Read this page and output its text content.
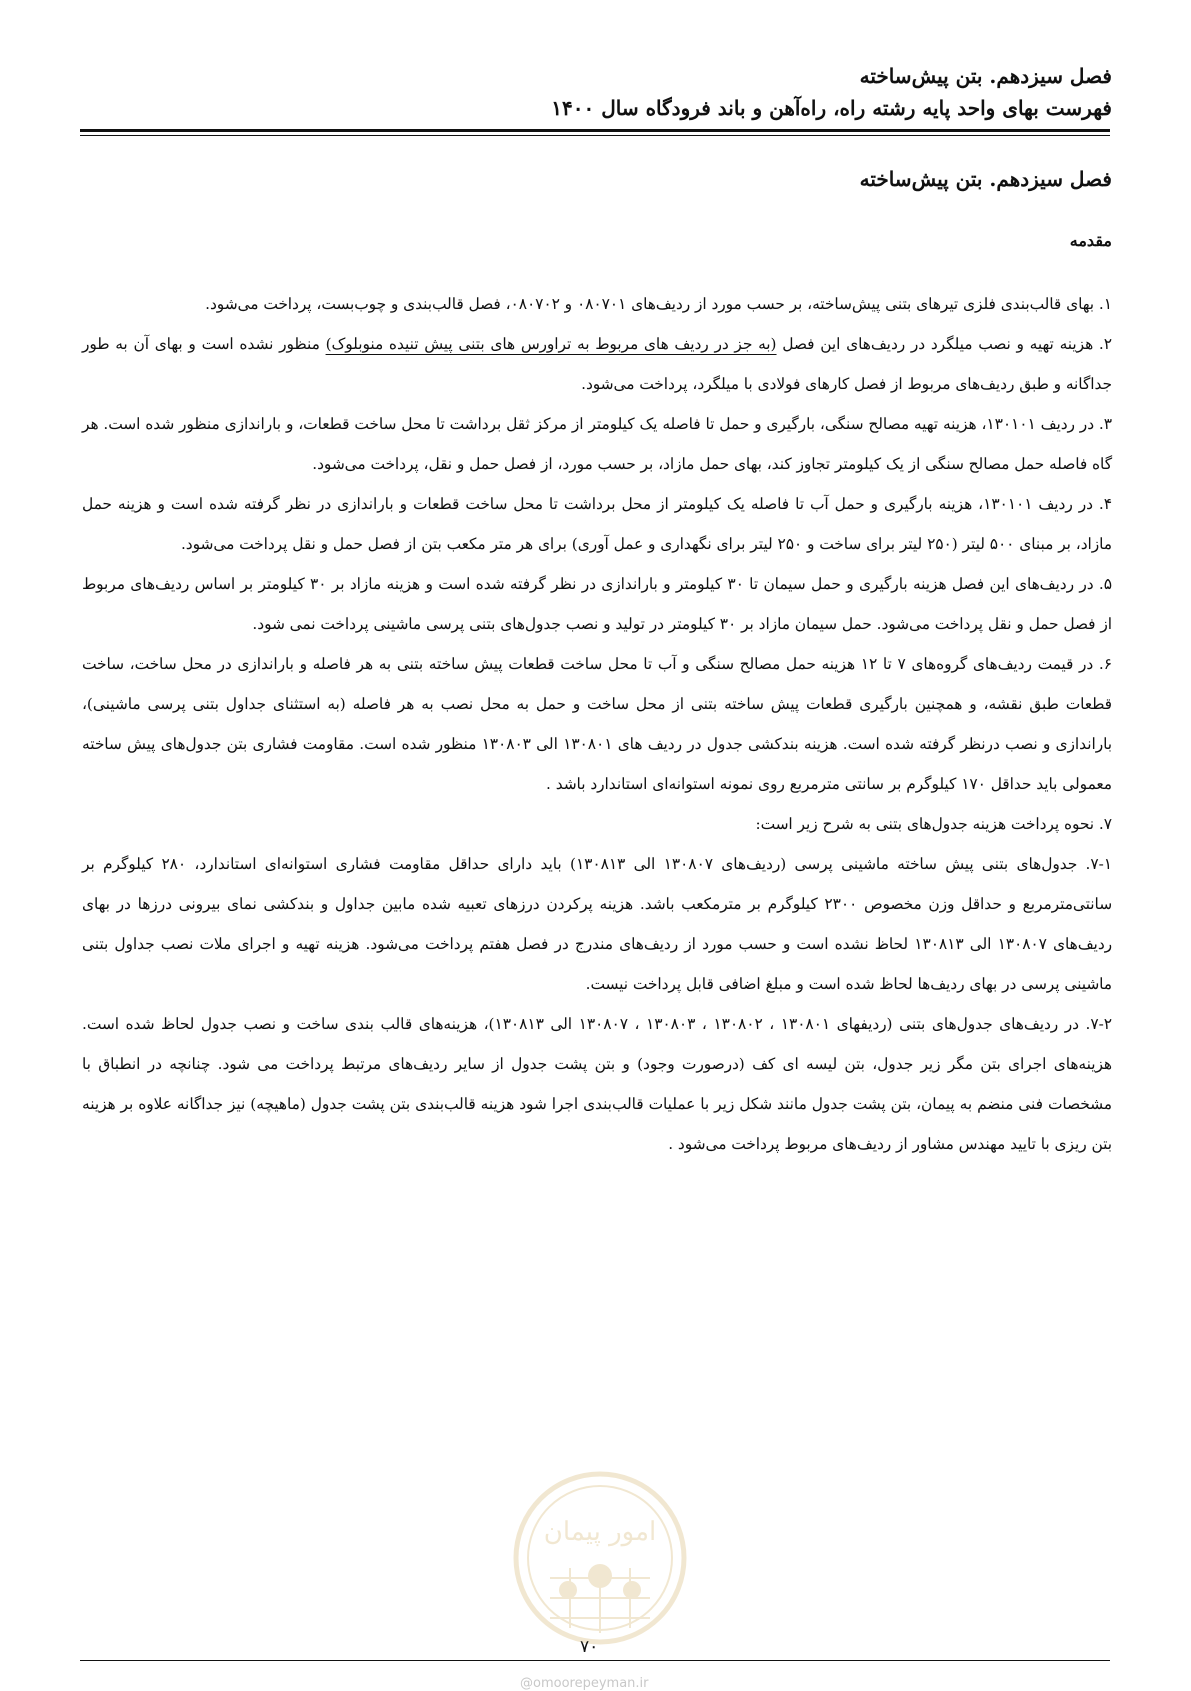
فصل سیزدهم. بتن پیش‌ساخته
فهرست بهای واحد پایه رشته راه، راه‌آهن و باند فرودگاه سال ۱۴۰۰
فصل سیزدهم. بتن پیش‌ساخته
مقدمه

۱. بهای قالب‌بندی فلزی تیرهای بتنی پیش‌ساخته، بر حسب مورد از ردیف‌های ۰۸۰۷۰۱ و ۰۸۰۷۰۲، فصل قالب‌بندی و چوب‌بست، پرداخت می‌شود.

۲. هزینه تهیه و نصب میلگرد در ردیف‌های این فصل (به جز در ردیف های مربوط به تراورس های بتنی پیش تنیده منوبلوک) منظور نشده است و بهای آن به طور جداگانه و طبق ردیف‌های مربوط از فصل کارهای فولادی با میلگرد، پرداخت می‌شود.

۳. در ردیف ۱۳۰۱۰۱، هزینه تهیه مصالح سنگی، بارگیری و حمل تا فاصله یک کیلومتر از مرکز ثقل برداشت تا محل ساخت قطعات، و باراندازی منظور شده است. هر گاه فاصله حمل مصالح سنگی از یک کیلومتر تجاوز کند، بهای حمل مازاد، بر حسب مورد، از فصل حمل و نقل، پرداخت می‌شود.

۴. در ردیف ۱۳۰۱۰۱، هزینه بارگیری و حمل آب تا فاصله یک کیلومتر از محل برداشت تا محل ساخت قطعات و باراندازی در نظر گرفته شده است و هزینه حمل مازاد، بر مبنای ۵۰۰ لیتر (۲۵۰ لیتر برای ساخت و ۲۵۰ لیتر برای نگهداری و عمل آوری) برای هر متر مکعب بتن از فصل حمل و نقل پرداخت می‌شود.

۵. در ردیف‌های این فصل هزینه بارگیری و حمل سیمان تا ۳۰ کیلومتر و باراندازی در نظر گرفته شده است و هزینه مازاد بر ۳۰ کیلومتر بر اساس ردیف‌های مربوط از فصل حمل و نقل پرداخت می‌شود. حمل سیمان مازاد بر ۳۰ کیلومتر در تولید و نصب جدول‌های بتنی پرسی ماشینی پرداخت نمی شود.

۶. در قیمت ردیف‌های گروه‌های ۷ تا ۱۲ هزینه حمل مصالح سنگی و آب تا محل ساخت قطعات پیش ساخته بتنی به هر فاصله و باراندازی در محل ساخت، ساخت قطعات طبق نقشه، و همچنین بارگیری قطعات پیش ساخته بتنی از محل ساخت و حمل به محل نصب به هر فاصله (به استثنای جداول بتنی پرسی ماشینی)، باراندازی و نصب درنظر گرفته شده است. هزینه بندکشی جدول در ردیف های ۱۳۰۸۰۱ الی ۱۳۰۸۰۳ منظور شده است. مقاومت فشاری بتن جدول‌های پیش ساخته معمولی باید حداقل ۱۷۰ کیلوگرم بر سانتی مترمربع روی نمونه استوانه‌ای استاندارد باشد .

۷. نحوه پرداخت هزینه جدول‌های بتنی به شرح زیر است:

۷-۱. جدول‌های بتنی پیش ساخته ماشینی پرسی (ردیف‌های ۱۳۰۸۰۷ الی ۱۳۰۸۱۳) باید دارای حداقل مقاومت فشاری استوانه‌ای استاندارد، ۲۸۰ کیلوگرم بر سانتی‌مترمربع و حداقل وزن مخصوص ۲۳۰۰ کیلوگرم بر مترمکعب باشد. هزینه پرکردن درزهای تعبیه شده مابین جداول و بندکشی نمای بیرونی درزها در بهای ردیف‌های ۱۳۰۸۰۷ الی ۱۳۰۸۱۳ لحاظ نشده است و حسب مورد از ردیف‌های مندرج در فصل هفتم پرداخت می‌شود. هزینه تهیه و اجرای ملات نصب جداول بتنی ماشینی پرسی در بهای ردیف‌ها لحاظ شده است و مبلغ اضافی قابل پرداخت نیست.

۷-۲. در ردیف‌های جدول‌های بتنی (ردیفهای ۱۳۰۸۰۱ ، ۱۳۰۸۰۲ ، ۱۳۰۸۰۳ ، ۱۳۰۸۰۷ الی ۱۳۰۸۱۳)، هزینه‌های قالب بندی ساخت و نصب جدول لحاظ شده است. هزینه‌های اجرای بتن مگر زیر جدول، بتن لیسه ای کف (درصورت وجود) و بتن پشت جدول از سایر ردیف‌های مرتبط پرداخت می شود. چنانچه در انطباق با مشخصات فنی منضم به پیمان، بتن پشت جدول مانند شکل زیر با عملیات قالب‌بندی اجرا شود هزینه قالب‌بندی بتن پشت جدول (ماهیچه) نیز جداگانه علاوه بر هزینه بتن ریزی با تایید مهندس مشاور از ردیف‌های مربوط پرداخت می‌شود .

امور پیمان
۷۰
@omoorepeyman.ir
